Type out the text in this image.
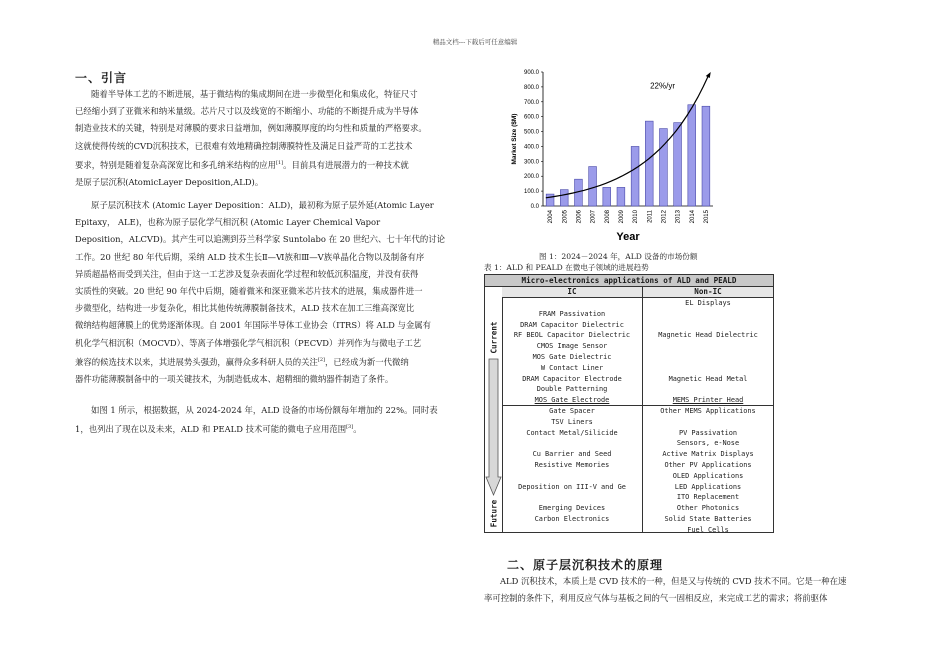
精品文档---下载后可任意编辑
一、引言
随着半导体工艺的不断进展，基于微结构的集成期间在进一步微型化和集成化，特征尺寸
已经缩小到了亚微米和纳米量级。芯片尺寸以及线宽的不断缩小、功能的不断提升成为半导体
制造业技术的关键，特别是对薄膜的要求日益增加，例如薄膜厚度的均匀性和质量的严格要求。
这就使得传统的CVD沉积技术，已很难有效地精确控制薄膜特性及满足日益严苛的工艺技术
要求，特别是随着复杂高深宽比和多孔纳米结构的应用[1]。目前具有进展潜力的一种技术就
是原子层沉积(AtomicLayer Deposition,ALD)。
原子层沉积技术 (Atomic Layer Deposition：ALD)，最初称为原子层外延(Atomic Layer
Epitaxy， ALE)，也称为原子层化学气相沉积 (Atomic Layer Chemical Vapor
Deposition，ALCVD)。其产生可以追溯到芬兰科学家 Suntolabo 在 20 世纪六、七十年代的讨论
工作。20 世纪 80 年代后期，采纳 ALD 技术生长Ⅱ—Ⅵ族和Ⅲ—Ⅴ族单晶化合物以及制备有序
异质超晶格而受到关注，但由于这一工艺涉及复杂表面化学过程和较低沉积温度，并没有获得
实质性的突破。20 世纪 90 年代中后期，随着微米和深亚微米芯片技术的进展，集成器件进一
步微型化，结构进一步复杂化，相比其他传统薄膜制备技术，ALD 技术在加工三维高深宽比
微纳结构超薄膜上的优势逐渐体现。自 2001 年国际半导体工业协会（ITRS）将 ALD 与金属有
机化学气相沉积（MOCVD）、等离子体增强化学气相沉积（PECVD）并列作为与微电子工艺
兼容的候选技术以来，其进展势头强劲，赢得众多科研人员的关注[2]，已经成为新一代微纳
器件功能薄膜制备中的一项关键技术，为制造低成本、超精细的微纳器件制造了条件。
如图 1 所示，根据数据，从 2024-2024 年，ALD 设备的市场份额每年增加约 22%。同时表
1，也列出了现在以及未来，ALD 和 PEALD 技术可能的微电子应用范围[3]。
0.0
100.0
200.0
300.0
400.0
500.0
600.0
700.0
800.0
900.0
Market Size ($M)
2004 2005 2006 2007 2008 2009 2010 2011 2012 2013 2014 2015
Year
22%/yr
图 1：2024－2024 年，ALD 设备的市场份额
表 1：ALD 和 PEALD 在微电子领域的进展趋势
Micro-electronics applications of ALD and PEALD
IC	Non-IC
Current
Future
FRAM Passivation
DRAM Capacitor Dielectric
RF BEOL Capacitor Dielectric
CMOS Image Sensor
MOS Gate Dielectric
W Contact Liner
DRAM Capacitor Electrode
Double Patterning
MOS Gate Electrode
EL Displays
Magnetic Head Dielectric
Magnetic Head Metal
MEMS Printer Head
Gate Spacer
TSV Liners
Contact Metal/Silicide
Cu Barrier and Seed
Resistive Memories
Deposition on III-V and Ge
Emerging Devices
Carbon Electronics
Other MEMS Applications
PV Passivation
Sensors, e-Nose
Active Matrix Displays
Other PV Applications
OLED Applications
LED Applications
ITO Replacement
Other Photonics
Solid State Batteries
Fuel Cells
二、原子层沉积技术的原理
ALD 沉积技术，本质上是 CVD 技术的一种，但是又与传统的 CVD 技术不同。它是一种在速
率可控制的条件下，利用反应气体与基板之间的气一固相反应，来完成工艺的需求；将前驱体
